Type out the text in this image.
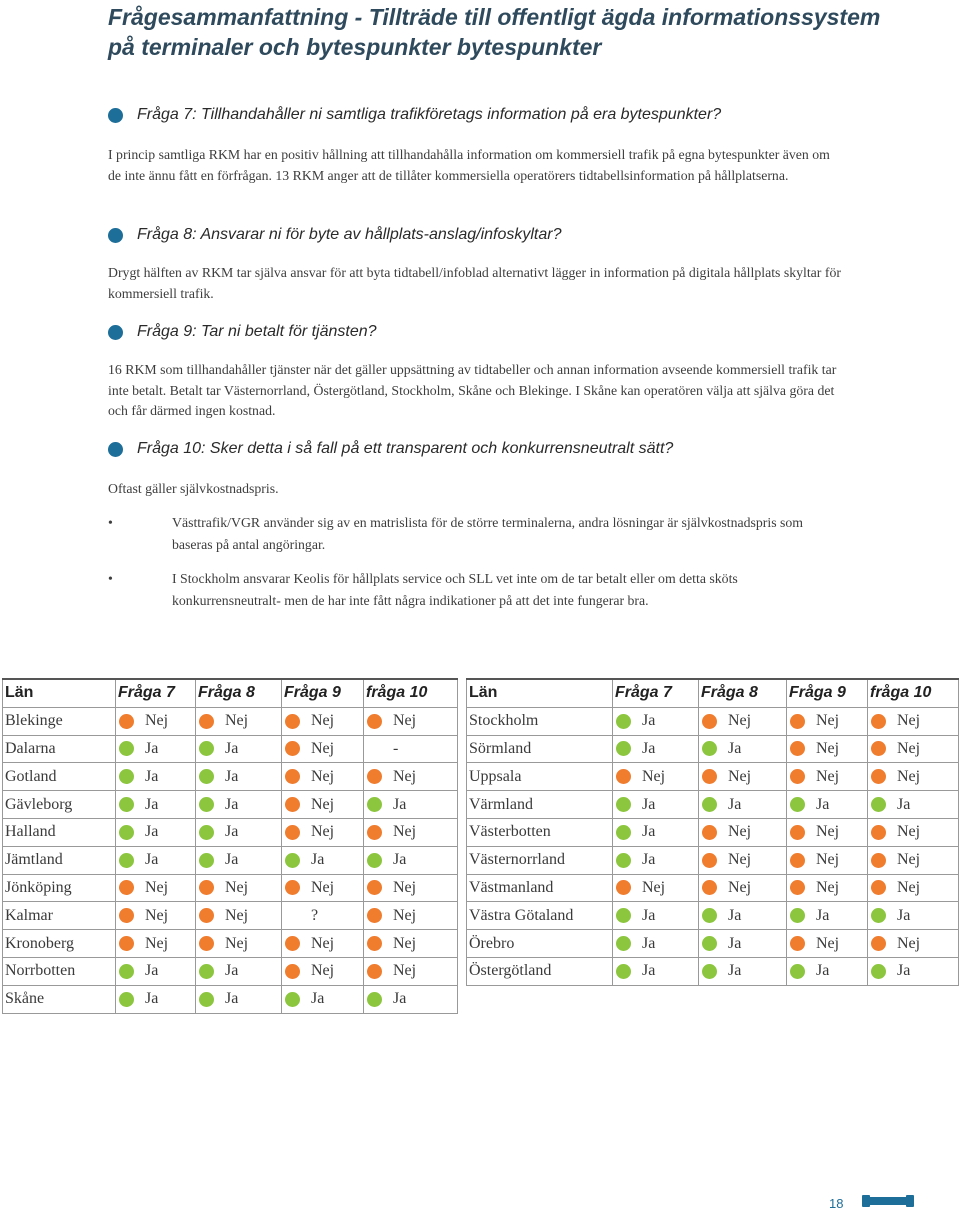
Frågesammanfattning - Tillträde till offentligt ägda informationssystem på terminaler och bytespunkter bytespunkter
Fråga 7: Tillhandahåller ni samtliga trafikföretags information på era bytespunkter?

I princip samtliga RKM har en positiv hållning att tillhandahålla information om kommersiell trafik på egna bytespunkter även om de inte ännu fått en förfrågan. 13 RKM anger att de tillåter kommersiella operatörers tidtabellsinformation på hållplatserna.

Fråga 8: Ansvarar ni för byte av hållplats-anslag/infoskyltar?

Drygt hälften av RKM tar själva ansvar för att byta tidtabell/infoblad alternativt lägger in information på digitala hållplats skyltar för kommersiell trafik.

Fråga 9: Tar ni betalt för tjänsten?

16 RKM som tillhandahåller tjänster när det gäller uppsättning av tidtabeller och annan information avseende kommersiell trafik tar inte betalt. Betalt tar Västernorrland, Östergötland, Stockholm, Skåne och Blekinge. I Skåne kan operatören välja att själva göra det och får därmed ingen kostnad.

Fråga 10: Sker detta i så fall på ett transparent och konkurrensneutralt sätt?

Oftast gäller självkostnadspris.

•	Västtrafik/VGR använder sig av en matrislista för de större terminalerna, andra lösningar är självkostnadspris som baseras på antal angöringar.
•	I Stockholm ansvarar Keolis för hållplats service och SLL vet inte om de tar betalt eller om detta sköts konkurrensneutralt- men de har inte fått några indikationer på att det inte fungerar bra.
Län	Fråga 7	Fråga 8	Fråga 9	fråga 10
Blekinge	Nej	Nej	Nej	Nej

Dalarna	Ja	Ja	Nej	-

Gotland	Ja	Ja	Nej	Nej

Gävleborg	Ja	Ja	Nej	Ja

Halland	Ja	Ja	Nej	Nej

Jämtland	Ja	Ja	Ja	Ja

Jönköping	Nej	Nej	Nej	Nej

Kalmar	Nej	Nej	?	Nej

Kronoberg	Nej	Nej	Nej	Nej

Norrbotten	Ja	Ja	Nej	Nej

Skåne	Ja	Ja	Ja	Ja
Län	Fråga 7	Fråga 8	Fråga 9	fråga 10
Stockholm	Ja	Nej	Nej	Nej

Sörmland	Ja	Ja	Nej	Nej

Uppsala	Nej	Nej	Nej	Nej

Värmland	Ja	Ja	Ja	Ja

Västerbotten	Ja	Nej	Nej	Nej

Västernorrland	Ja	Nej	Nej	Nej

Västmanland	Nej	Nej	Nej	Nej

Västra Götaland	Ja	Ja	Ja	Ja

Örebro	Ja	Ja	Nej	Nej

Östergötland	Ja	Ja	Ja	Ja
18
